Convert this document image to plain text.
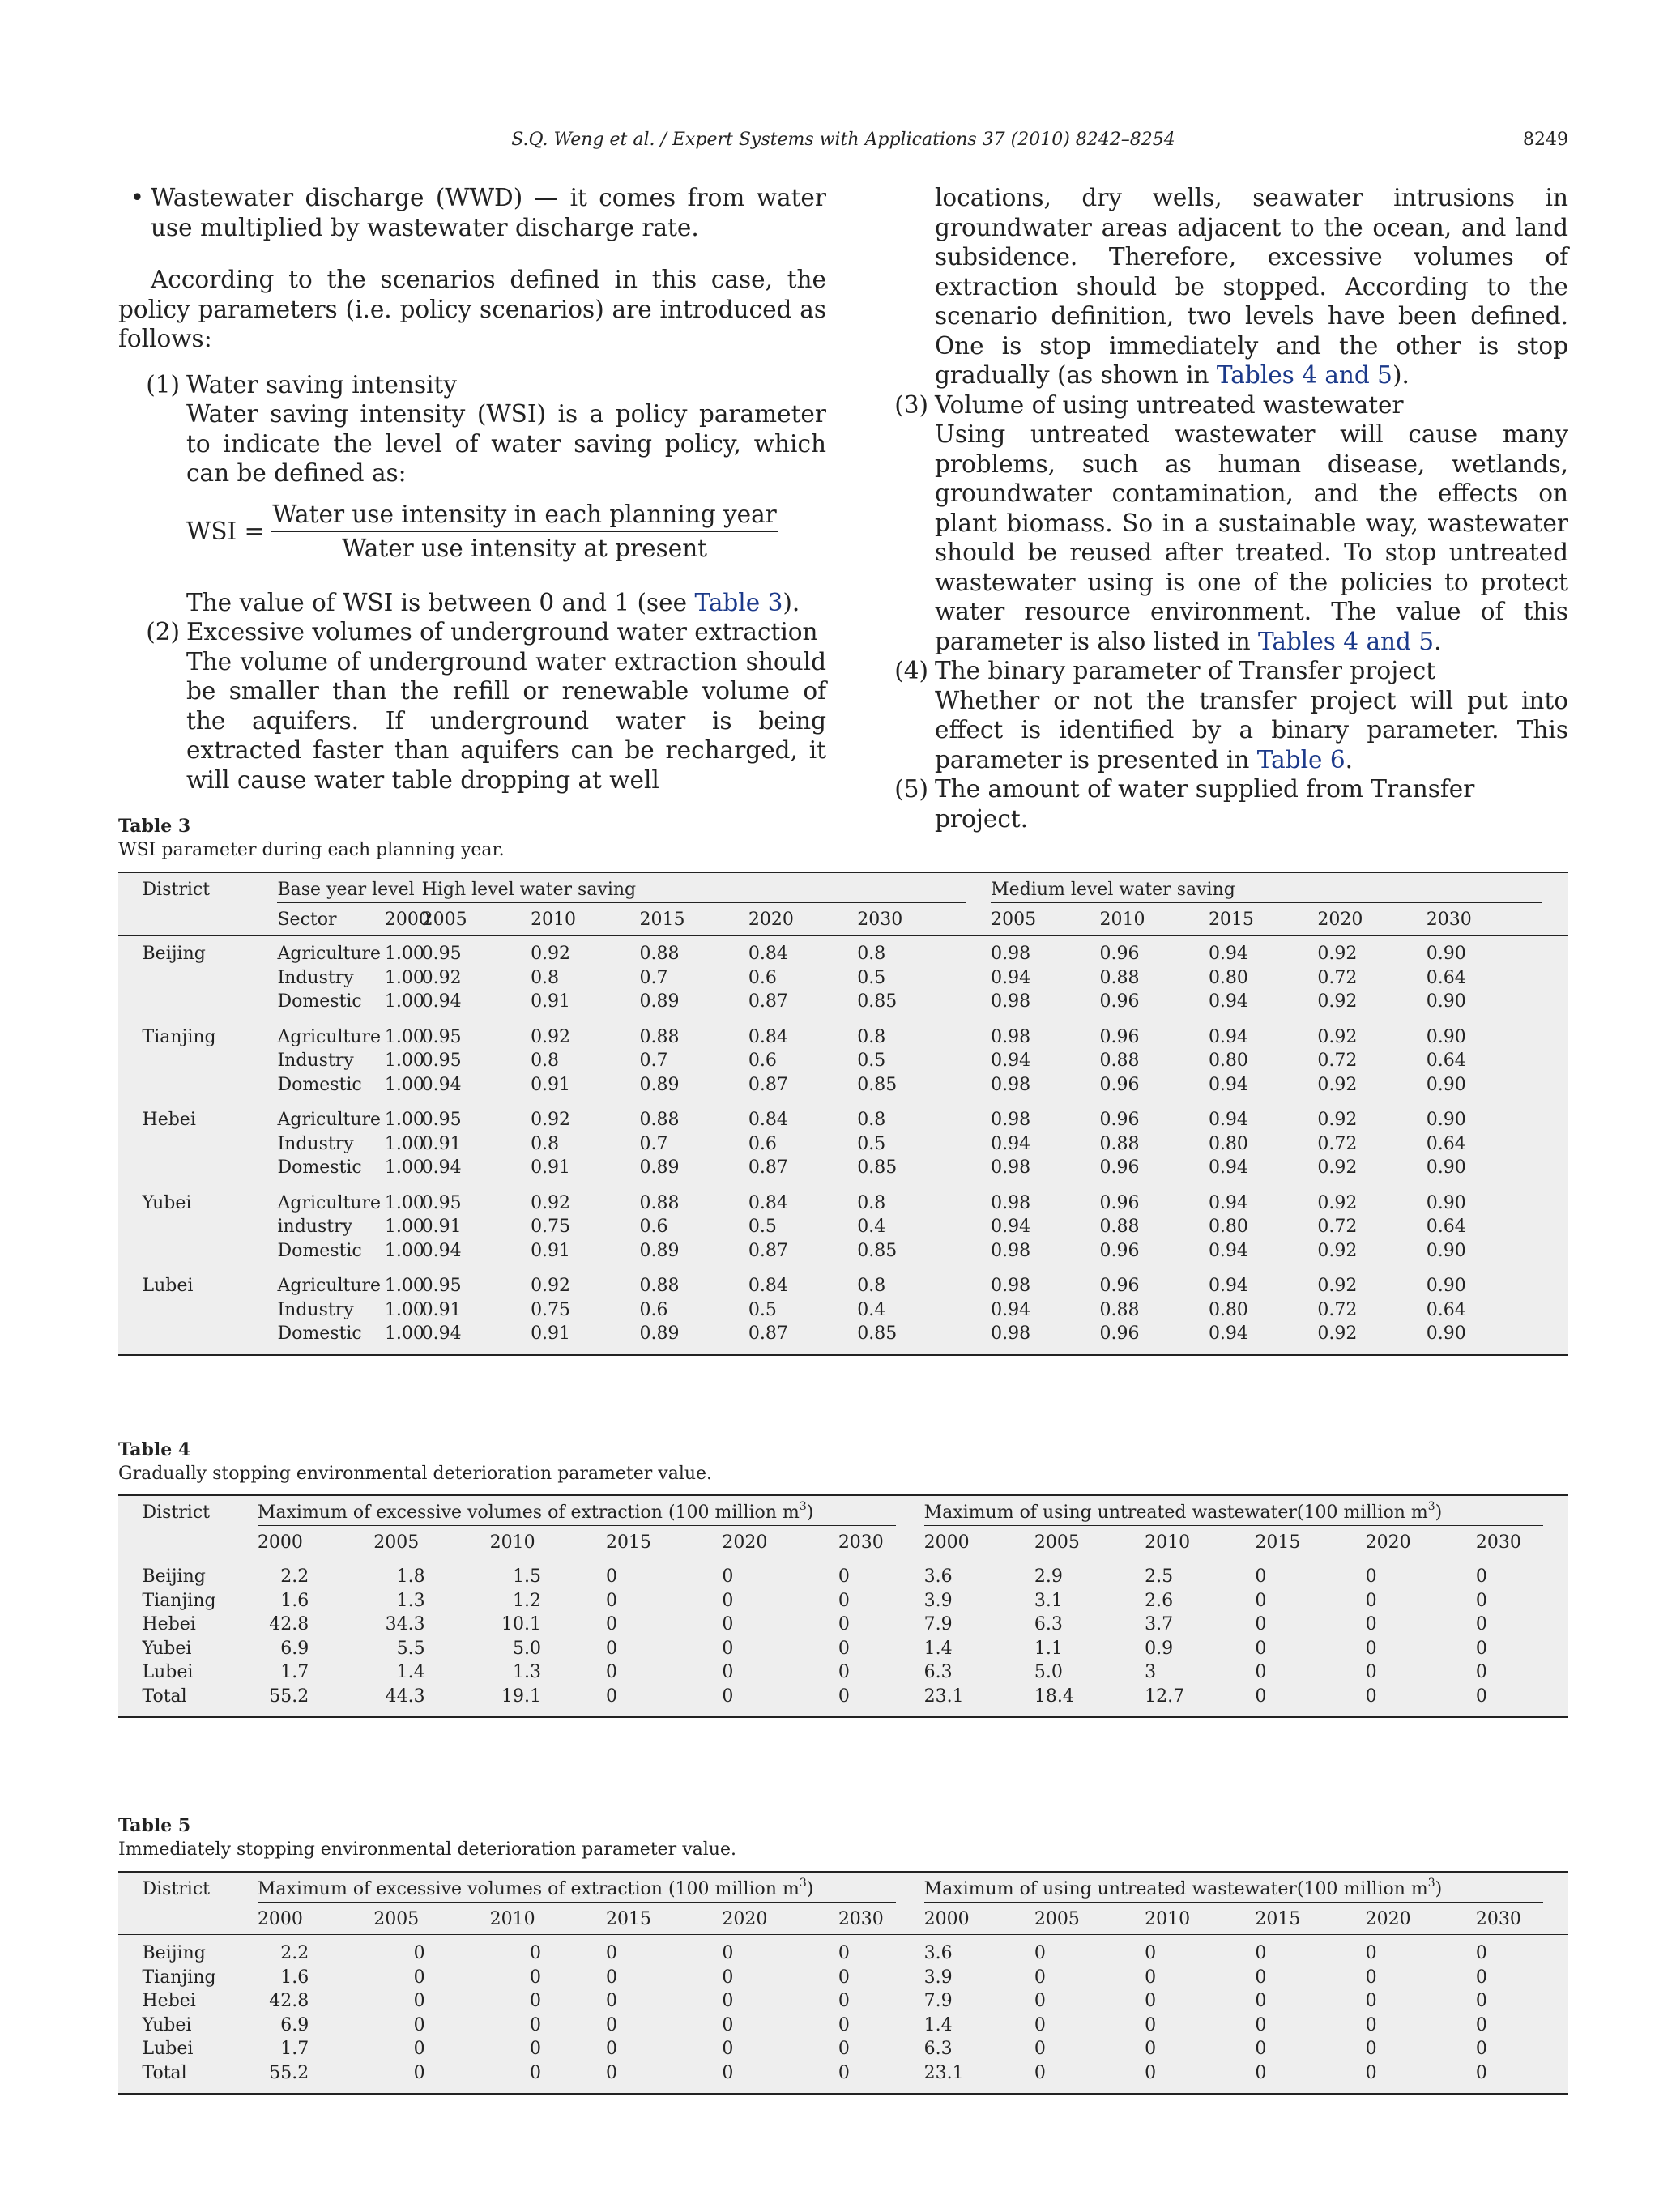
S.Q. Weng et al. / Expert Systems with Applications 37 (2010) 8242–8254	8249
• Wastewater discharge (WWD) — it comes from water use multiplied by wastewater discharge rate.
According to the scenarios defined in this case, the policy parameters (i.e. policy scenarios) are introduced as follows:
(1) Water saving intensity
Water saving intensity (WSI) is a policy parameter to indicate the level of water saving policy, which can be defined as:
WSI = $\frac{\text{Water use intensity in each planning year}}{\text{Water use intensity at present}}$
The value of WSI is between 0 and 1 (see Table 3).
(2) Excessive volumes of underground water extraction
The volume of underground water extraction should be smaller than the refill or renewable volume of the aquifers. If underground water is being extracted faster than aquifers can be recharged, it will cause water table dropping at well
locations, dry wells, seawater intrusions in groundwater areas adjacent to the ocean, and land subsidence. Therefore, excessive volumes of extraction should be stopped. According to the scenario definition, two levels have been defined. One is stop immediately and the other is stop gradually (as shown in Tables 4 and 5).
(3) Volume of using untreated wastewater
Using untreated wastewater will cause many problems, such as human disease, wetlands, groundwater contamination, and the effects on plant biomass. So in a sustainable way, wastewater should be reused after treated. To stop untreated wastewater using is one of the policies to protect water resource environment. The value of this parameter is also listed in Tables 4 and 5.
(4) The binary parameter of Transfer project
Whether or not the transfer project will put into effect is identified by a binary parameter. This parameter is presented in Table 6.
(5) The amount of water supplied from Transfer project.
Table 3
WSI parameter during each planning year.
	District	Base year level		High level water saving						Medium level water saving					
		Sector	2000	2005	2010	2015	2020	2030		2005	2010	2015	2020	2030	
	Beijing	Agriculture	1.00	0.95	0.92	0.88	0.84	0.8		0.98	0.96	0.94	0.92	0.90	
		Industry	1.00	0.92	0.8	0.7	0.6	0.5		0.94	0.88	0.80	0.72	0.64	
		Domestic	1.00	0.94	0.91	0.89	0.87	0.85		0.98	0.96	0.94	0.92	0.90	
	Tianjing	Agriculture	1.00	0.95	0.92	0.88	0.84	0.8		0.98	0.96	0.94	0.92	0.90	
		Industry	1.00	0.95	0.8	0.7	0.6	0.5		0.94	0.88	0.80	0.72	0.64	
		Domestic	1.00	0.94	0.91	0.89	0.87	0.85		0.98	0.96	0.94	0.92	0.90	
	Hebei	Agriculture	1.00	0.95	0.92	0.88	0.84	0.8		0.98	0.96	0.94	0.92	0.90	
		Industry	1.00	0.91	0.8	0.7	0.6	0.5		0.94	0.88	0.80	0.72	0.64	
		Domestic	1.00	0.94	0.91	0.89	0.87	0.85		0.98	0.96	0.94	0.92	0.90	
	Yubei	Agriculture	1.00	0.95	0.92	0.88	0.84	0.8		0.98	0.96	0.94	0.92	0.90	
		industry	1.00	0.91	0.75	0.6	0.5	0.4		0.94	0.88	0.80	0.72	0.64	
		Domestic	1.00	0.94	0.91	0.89	0.87	0.85		0.98	0.96	0.94	0.92	0.90	
	Lubei	Agriculture	1.00	0.95	0.92	0.88	0.84	0.8		0.98	0.96	0.94	0.92	0.90	
		Industry	1.00	0.91	0.75	0.6	0.5	0.4		0.94	0.88	0.80	0.72	0.64	
		Domestic	1.00	0.94	0.91	0.89	0.87	0.85		0.98	0.96	0.94	0.92	0.90	
Table 4
Gradually stopping environmental deterioration parameter value.
	District	Maximum of excessive volumes of extraction (100 million $m^3$)							Maximum of using untreated wastewater(100 million $m^3$)						
		2000	2005	2010	2015	2020	2030		2000	2005	2010	2015	2020	2030	
	Beijing	2.2	1.8	1.5	0	0	0		3.6	2.9	2.5	0	0	0	
	Tianjing	1.6	1.3	1.2	0	0	0		3.9	3.1	2.6	0	0	0	
	Hebei	42.8	34.3	10.1	0	0	0		7.9	6.3	3.7	0	0	0	
	Yubei	6.9	5.5	5.0	0	0	0		1.4	1.1	0.9	0	0	0	
	Lubei	1.7	1.4	1.3	0	0	0		6.3	5.0	3	0	0	0	
	Total	55.2	44.3	19.1	0	0	0		23.1	18.4	12.7	0	0	0	
Table 5
Immediately stopping environmental deterioration parameter value.
	District	Maximum of excessive volumes of extraction (100 million $m^3$)							Maximum of using untreated wastewater(100 million $m^3$)						
		2000	2005	2010	2015	2020	2030		2000	2005	2010	2015	2020	2030	
	Beijing	2.2	0	0	0	0	0		3.6	0	0	0	0	0	
	Tianjing	1.6	0	0	0	0	0		3.9	0	0	0	0	0	
	Hebei	42.8	0	0	0	0	0		7.9	0	0	0	0	0	
	Yubei	6.9	0	0	0	0	0		1.4	0	0	0	0	0	
	Lubei	1.7	0	0	0	0	0		6.3	0	0	0	0	0	
	Total	55.2	0	0	0	0	0		23.1	0	0	0	0	0	
